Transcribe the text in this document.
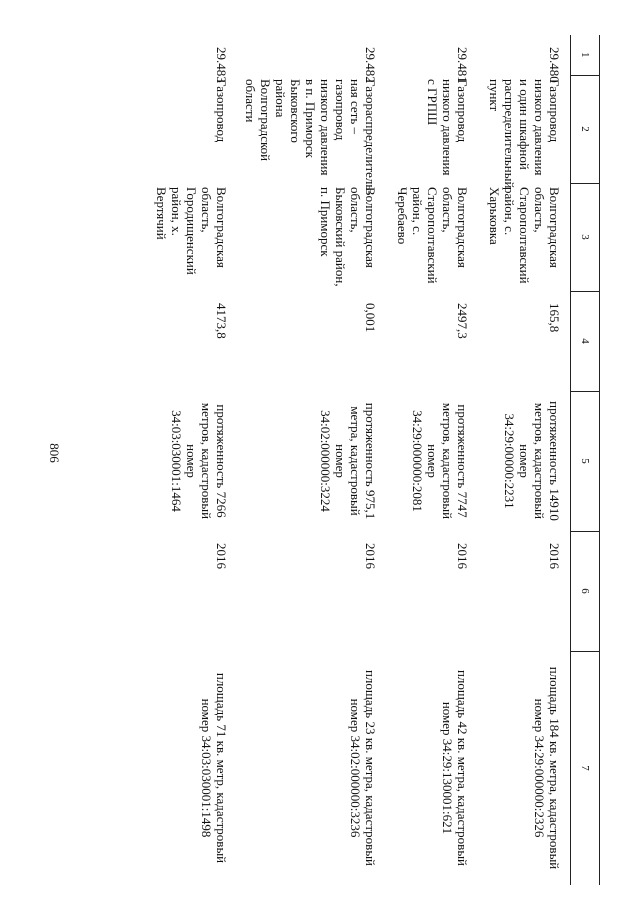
806
1	2	3	4	5	6	7
29.480	Газопровод низкого давления и один шкафной распределительный пункт	Волгоградская область, Старополтавский район, с. Харьковка	165,8	протяженность 14910 метров, кадастровый номер 34:29:00000:2231	2016	площадь 184 кв. метра, кадастровый номер 34:29:000000:2326
29.481	Газопровод низкого давления с ГРПШ	Волгоградская область, Старополтавский район, с. Черебаево	2497,3	протяженность 7747 метров, кадастровый номер 34:29:000000:2081	2016	площадь 42 кв. метра, кадастровый номер 34:29:130001:621
29.482	Газораспределитель-ная сеть – газопровод низкого давления в п. Приморск Быковского района Волгоградской области	Волгоградская область, Быковский район, п. Приморск	0,001	протяженность 975,1 метра, кадастровый номер 34:02:000000:3224	2016	площадь 23 кв. метра, кадастровый номер 34:02:000000:3236
29.483	Газопровод	Волгоградская область, Городищенский район, х. Вертячий	4173,8	протяженность 7266 метров, кадастровый номер 34:03:030001:1464	2016	площадь 71 кв. метр, кадастровый номер 34:03:030001:1498
